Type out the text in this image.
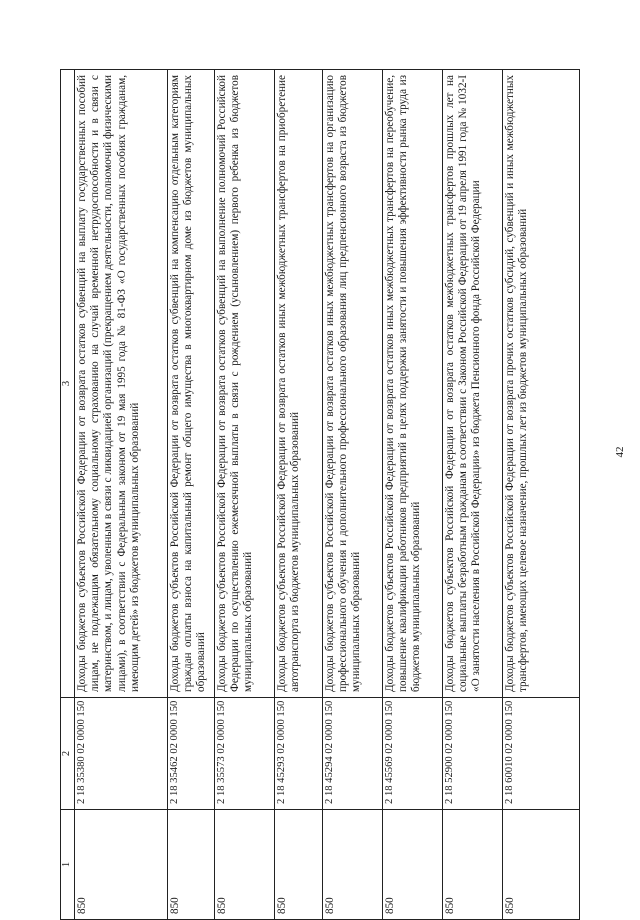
42
1	2	3
850	2 18 35380 02 0000 150	Доходы бюджетов субъектов Российской Федерации от возврата остатков субвенций на выплату государственных пособий лицам, не подлежащим обязательному социальному страхованию на случай временной нетрудоспособности и в связи с материнством, и лицам, уволенным в связи с ликвидацией организаций (прекращением деятельности, полномочий физическими лицами), в соответствии с Федеральным законом от 19 мая 1995 года № 81-ФЗ «О государственных пособиях гражданам, имеющим детей» из бюджетов муниципальных образований
850	2 18 35462 02 0000 150	Доходы бюджетов субъектов Российской Федерации от возврата остатков субвенций на компенсацию отдельным категориям граждан оплаты взноса на капитальный ремонт общего имущества в многоквартирном доме из бюджетов муниципальных образований
850	2 18 35573 02 0000 150	Доходы бюджетов субъектов Российской Федерации от возврата остатков субвенций на выполнение полномочий Российской Федерации по осуществлению ежемесячной выплаты в связи с рождением (усыновлением) первого ребенка из бюджетов муниципальных образований
850	2 18 45293 02 0000 150	Доходы бюджетов субъектов Российской Федерации от возврата остатков иных межбюджетных трансфертов на приобретение автотранспорта из бюджетов муниципальных образований
850	2 18 45294 02 0000 150	Доходы бюджетов субъектов Российской Федерации от возврата остатков иных межбюджетных трансфертов на организацию профессионального обучения и дополнительного профессионального образования лиц предпенсионного возраста из бюджетов муниципальных образований
850	2 18 45569 02 0000 150	Доходы бюджетов субъектов Российской Федерации от возврата остатков иных межбюджетных трансфертов на переобучение, повышение квалификации работников предприятий в целях поддержки занятости и повышения эффективности рынка труда из бюджетов муниципальных образований
850	2 18 52900 02 0000 150	Доходы бюджетов субъектов Российской Федерации от возврата остатков межбюджетных трансфертов прошлых лет на социальные выплаты безработным гражданам в соответствии с Законом Российской Федерации от 19 апреля 1991 года № 1032-I «О занятости населения в Российской Федерации» из бюджета Пенсионного фонда Российской Федерации
850	2 18 60010 02 0000 150	Доходы бюджетов субъектов Российской Федерации от возврата прочих остатков субсидий, субвенций и иных межбюджетных трансфертов, имеющих целевое назначение, прошлых лет из бюджетов муниципальных образований
